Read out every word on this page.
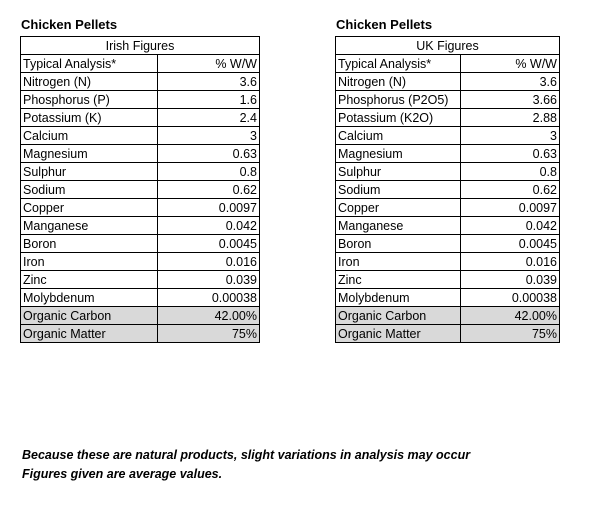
Chicken Pellets
Irish Figures	
Typical Analysis*	% W/W
Nitrogen (N)	3.6
Phosphorus (P)	1.6
Potassium (K)	2.4
Calcium	3
Magnesium	0.63
Sulphur	0.8
Sodium	0.62
Copper	0.0097
Manganese	0.042
Boron	0.0045
Iron	0.016
Zinc	0.039
Molybdenum	0.00038
Organic Carbon	42.00%
Organic Matter	75%
Chicken Pellets
UK Figures	
Typical Analysis*	% W/W
Nitrogen (N)	3.6
Phosphorus (P2O5)	3.66
Potassium (K2O)	2.88
Calcium	3
Magnesium	0.63
Sulphur	0.8
Sodium	0.62
Copper	0.0097
Manganese	0.042
Boron	0.0045
Iron	0.016
Zinc	0.039
Molybdenum	0.00038
Organic Carbon	42.00%
Organic Matter	75%
Because these are natural products, slight variations in analysis may occur
Figures given are average values.
